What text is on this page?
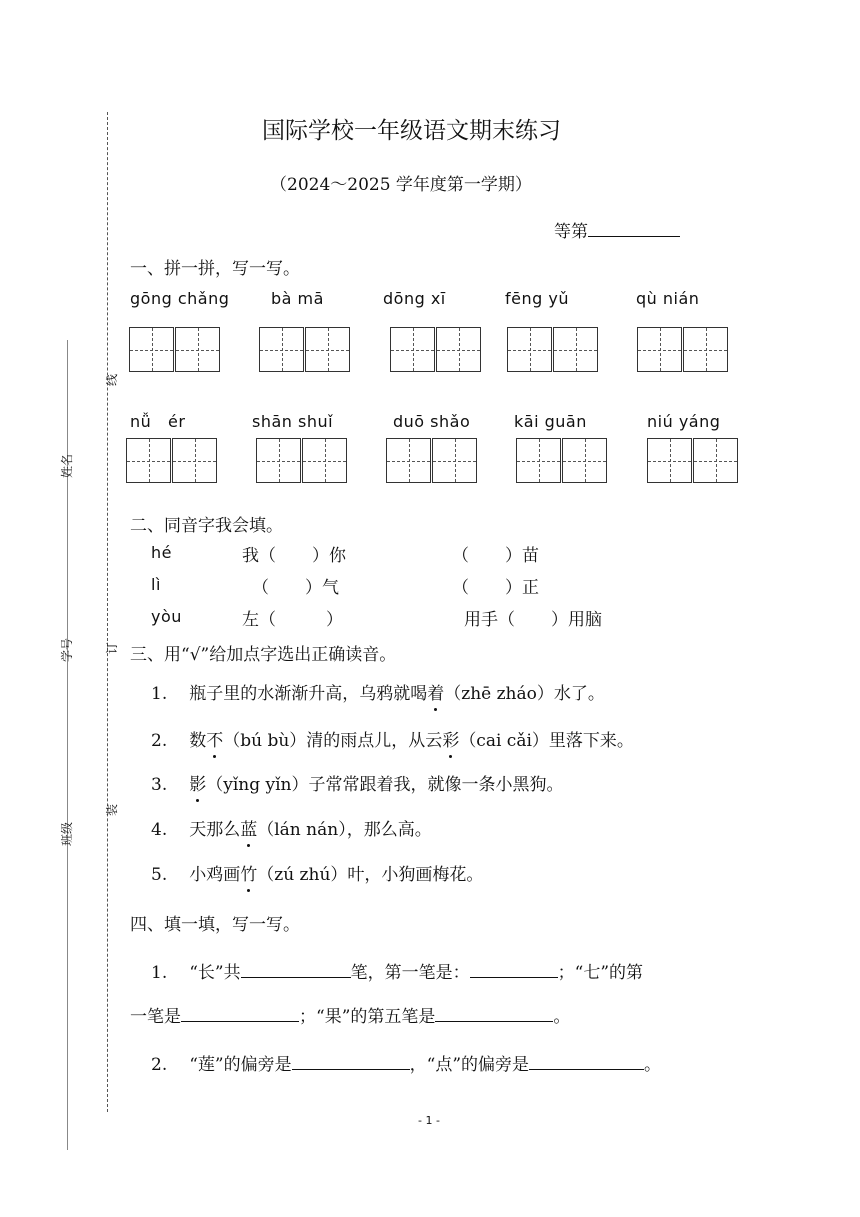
姓名
学号
班级
线
订
装
国际学校一年级语文期末练习
（2024～2025 学年度第一学期）
等第
一、拼一拼，写一写。
gōng chǎng	bà mā	dōng xī	fēng yǔ	qù nián
nǚ   ér	shān shuǐ	duō shǎo	kāi guān	niú yáng
二、同音字我会填。
hé	我（ ）你	（ ）苗
lì	（ ）气	（ ）正
yòu	左（	）	用手（ ）用脑
三、用“√”给加点字选出正确读音。
1. 瓶子里的水渐渐升高，乌鸦就喝着（zhē zháo）水了。
2. 数不（bú bù）清的雨点儿，从云彩（cai cǎi）里落下来。
3. 影（yǐng yǐn）子常常跟着我，就像一条小黑狗。
4. 天那么蓝（lán nán），那么高。
5. 小鸡画竹（zú zhú）叶，小狗画梅花。
四、填一填，写一写。
1. “长”共	笔，第一笔是：	；“七”的第
一笔是	；“果”的第五笔是	。
2. “莲”的偏旁是	，“点”的偏旁是	。
- 1 -
